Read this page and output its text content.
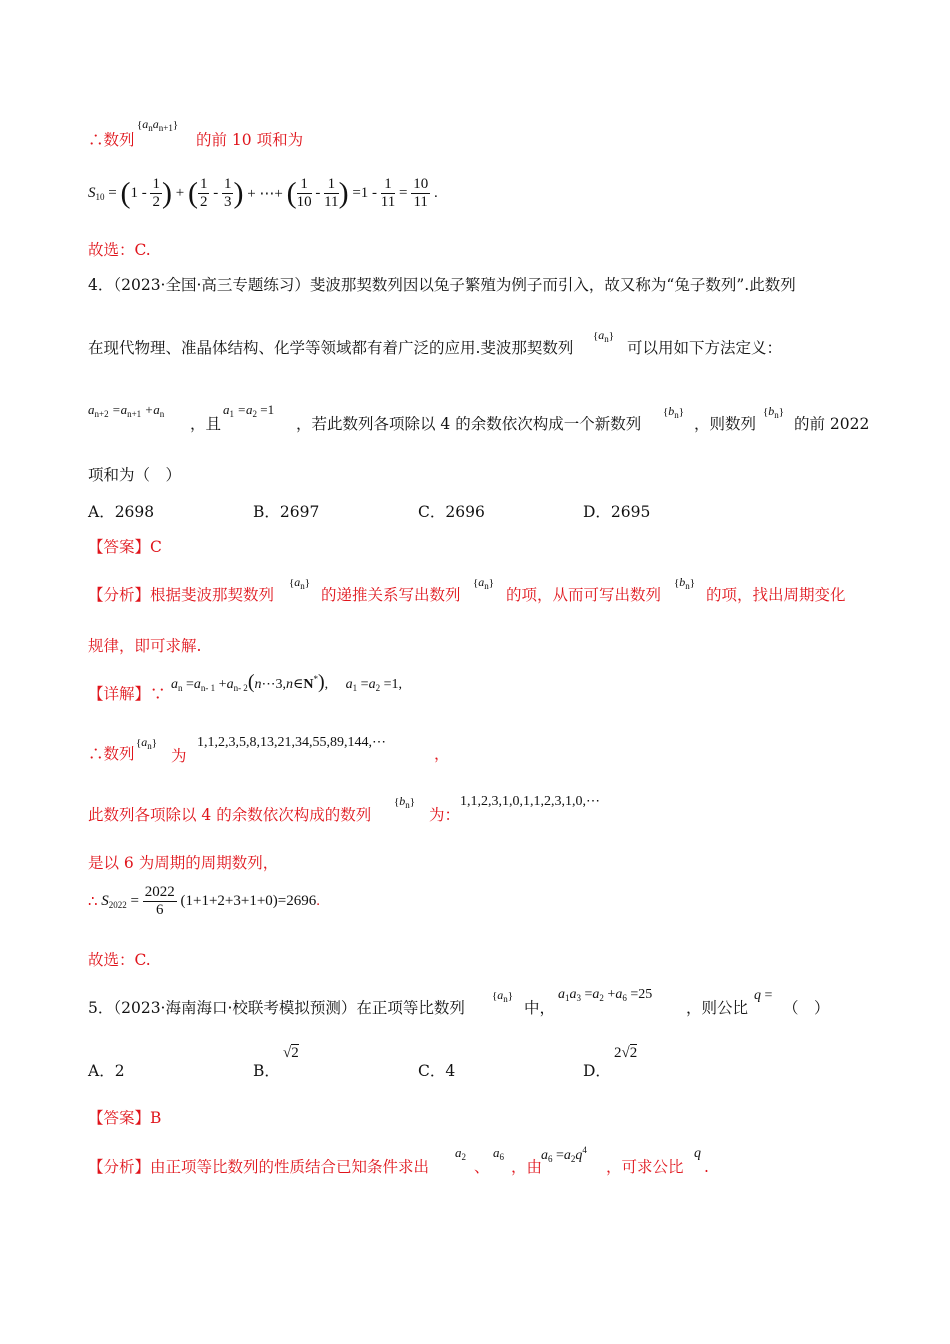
∴数列
$\{a_na_{n+1}\}$
的前 10 项和为
$S_{10} = (1 - \frac{1}{2}$ ) + ( $\frac{1}{2} - \frac{1}{3}$ ) + ⋯+ ( $\frac{1}{10} - \frac{1}{11}$ ) $=1 - \frac{1}{11} = \frac{10}{11}$ .
故选：C.
4．（2023·全国·高三专题练习）斐波那契数列因以兔子繁殖为例子而引入，故又称为“兔子数列”.此数列
在现代物理、准晶体结构、化学等领域都有着广泛的应用.斐波那契数列
$\{a_n\}$
可以用如下方法定义：
$a_{n+2} =a_{n+1} +a_n$
，且
$a_1 =a_2 =1$
，若此数列各项除以 4 的余数依次构成一个新数列
$\{b_n\}$
，则数列
$\{b_n\}$
的前 2022
项和为（　）
A．2698	B．2697	C．2696	D．2695
【答案】C
【分析】根据斐波那契数列
$\{a_n\}$
的递推关系写出数列
$\{a_n\}$
的项，从而可写出数列
$\{b_n\}$
的项，找出周期变化
规律，即可求解.
【详解】∵
$a_n =a_{n- 1}$ $+a_{n- 2}(n\cdots 3,n\in N^*)$, $a_1 =a_2 =1$,
∴数列
$\{a_n\}$
为
1,1,2,3,5,8,13,21,34,55,89,144,⋯
，
此数列各项除以 4 的余数依次构成的数列
$\{b_n\}$
为：
1,1,2,3,1,0,1,1,2,3,1,0,⋯
是以 6 为周期的周期数列，
∴ $S_{2022} = \frac{2022}{6} (1+1+2+3+1+0)=2696$.
故选：C.
5．（2023·海南海口·校联考模拟预测）在正项等比数列
$\{a_n\}$
中，
$a_1a_3 =a_2 +a_6 =25$
，则公比
q =
（　）
A．2	B．
√2
C．4	D．
2√2
【答案】B
【分析】由正项等比数列的性质结合已知条件求出
$a_2$
、
$a_6$
，由
$a_6 =a_2q^4$
，可求公比
q
.
